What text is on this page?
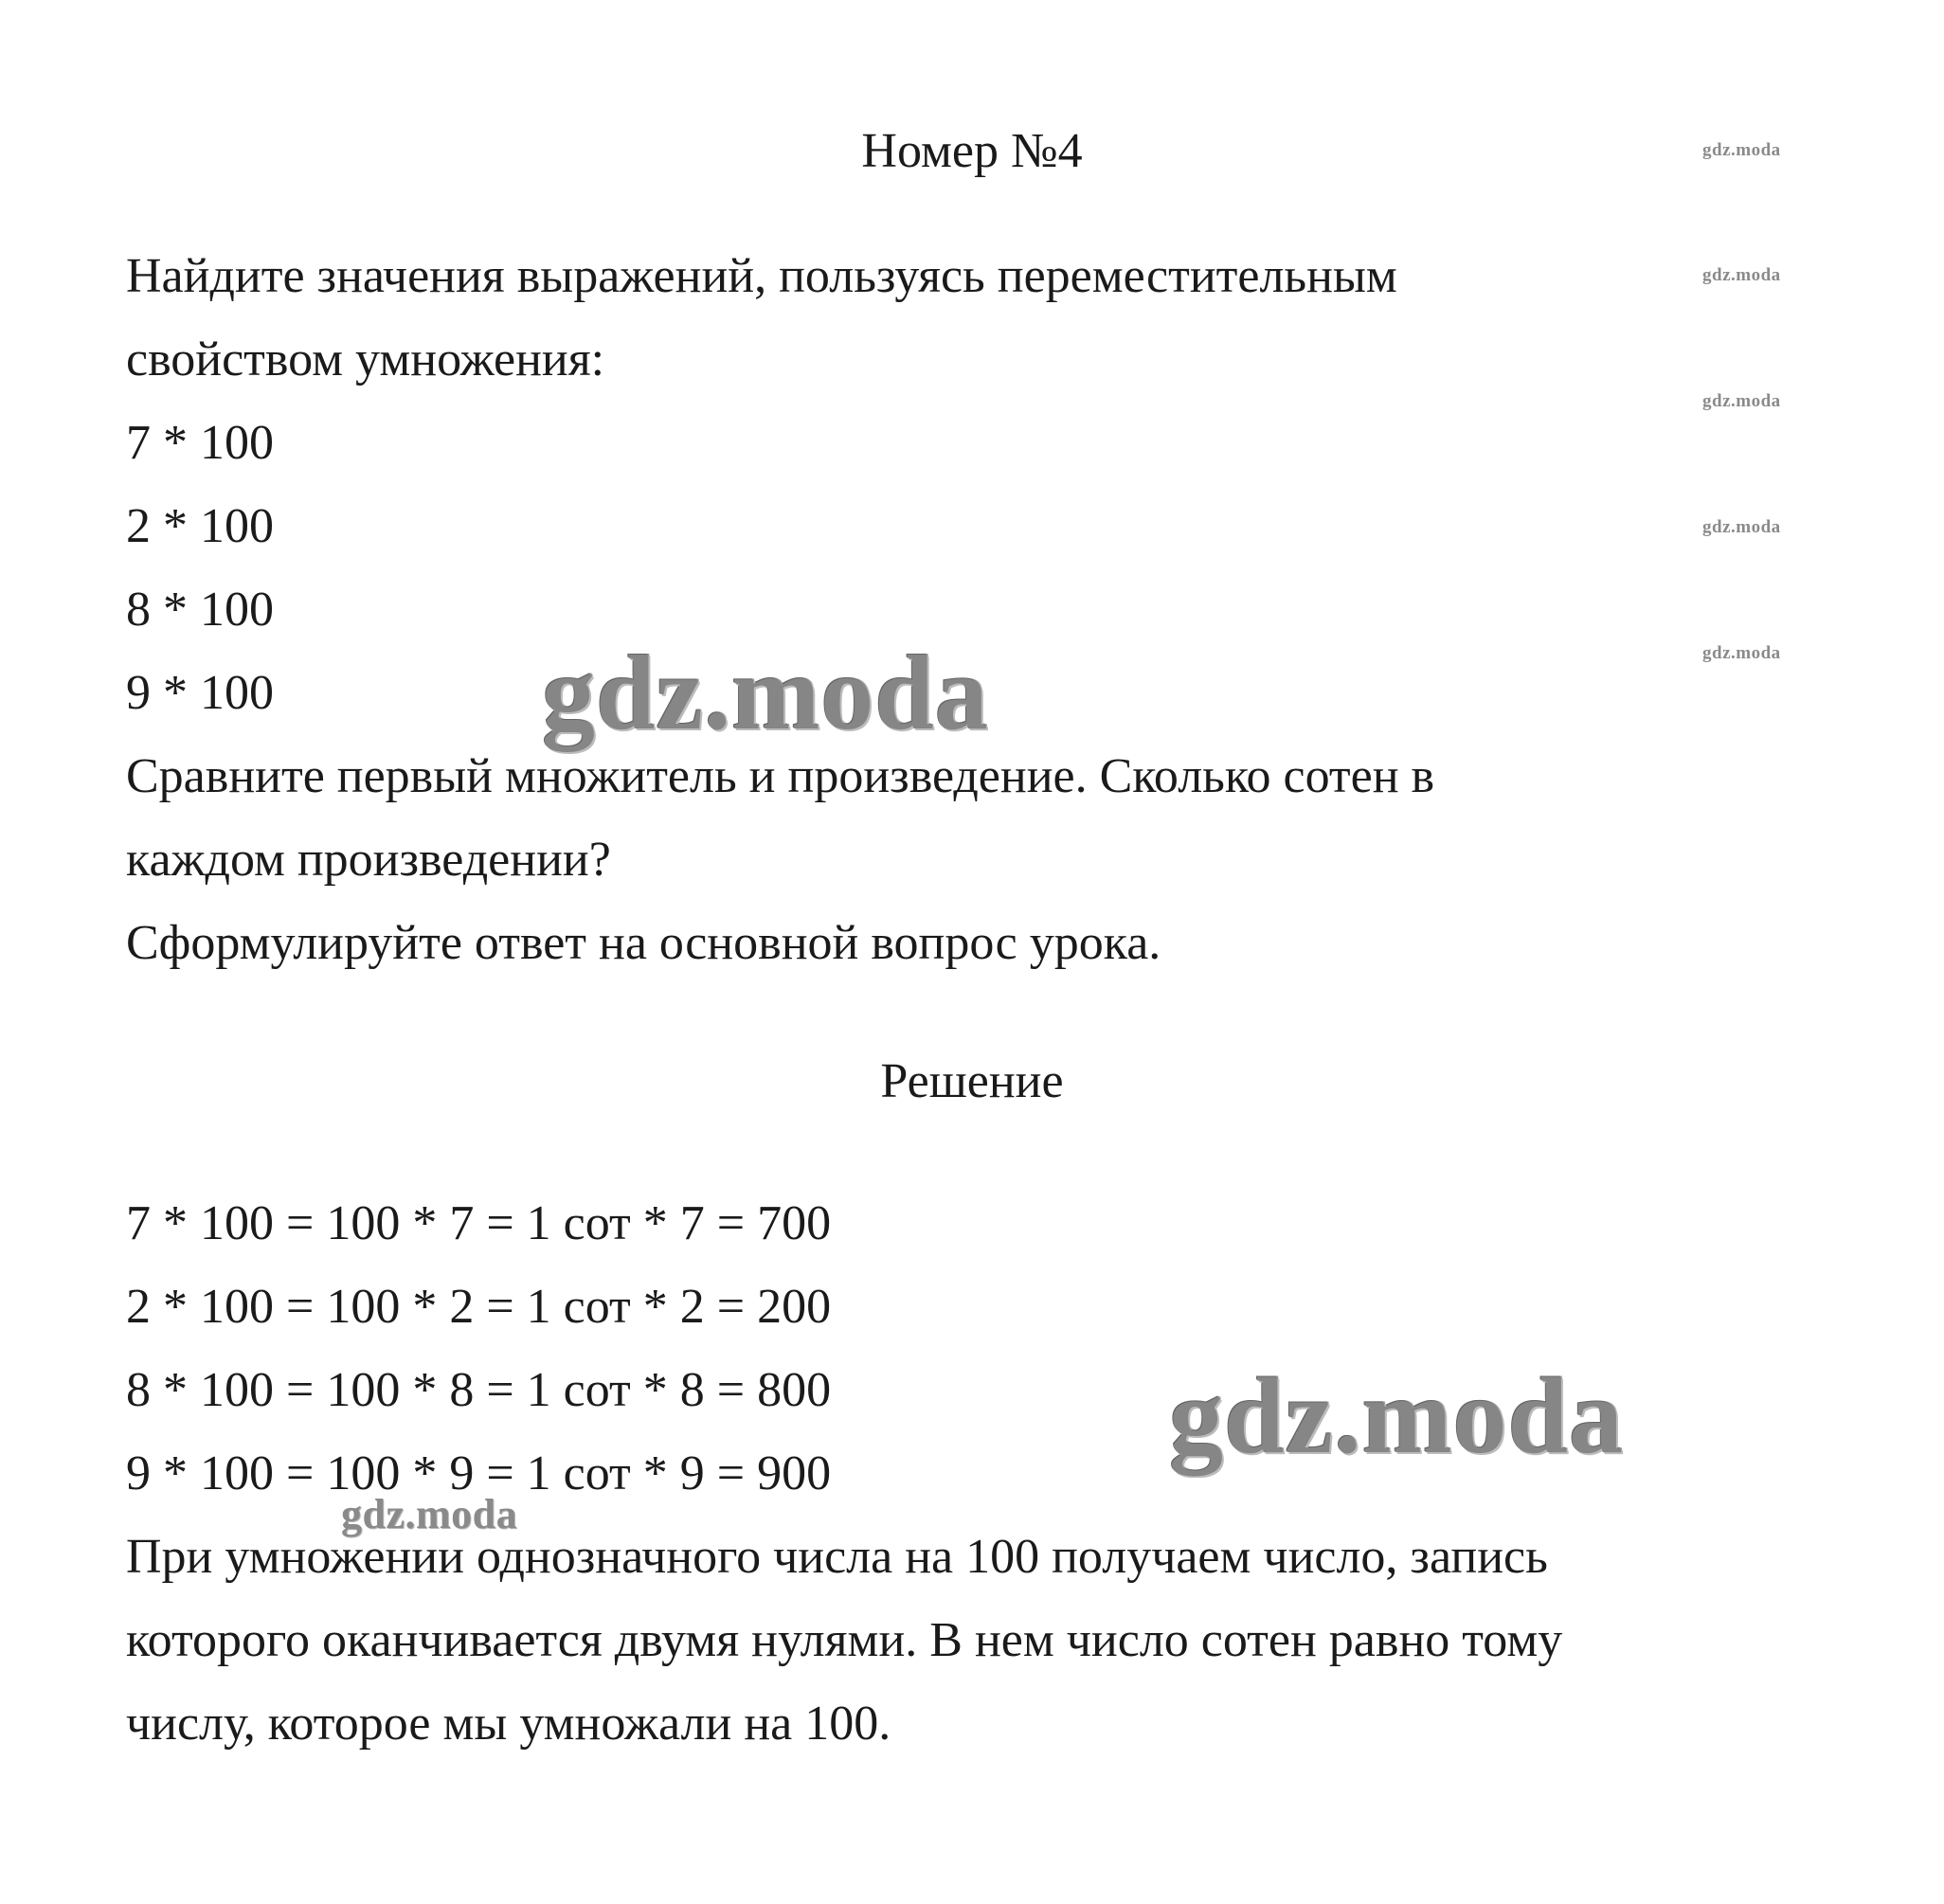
Номер №4
Найдите значения выражений, пользуясь переместительным
свойством умножения:
7 * 100
2 * 100
8 * 100
9 * 100
Сравните первый множитель и произведение. Сколько сотен в
каждом произведении?
Сформулируйте ответ на основной вопрос урока.
Решение
7 * 100 = 100 * 7 = 1 сот * 7 = 700
2 * 100 = 100 * 2 = 1 сот * 2 = 200
8 * 100 = 100 * 8 = 1 сот * 8 = 800
9 * 100 = 100 * 9 = 1 сот * 9 = 900
При умножении однозначного числа на 100 получаем число, запись
которого оканчивается двумя нулями. В нем число сотен равно тому
числу, которое мы умножали на 100.
gdz.moda
gdz.moda
gdz.moda
gdz.moda
gdz.moda
gdz.moda
gdz.moda
gdz.moda
